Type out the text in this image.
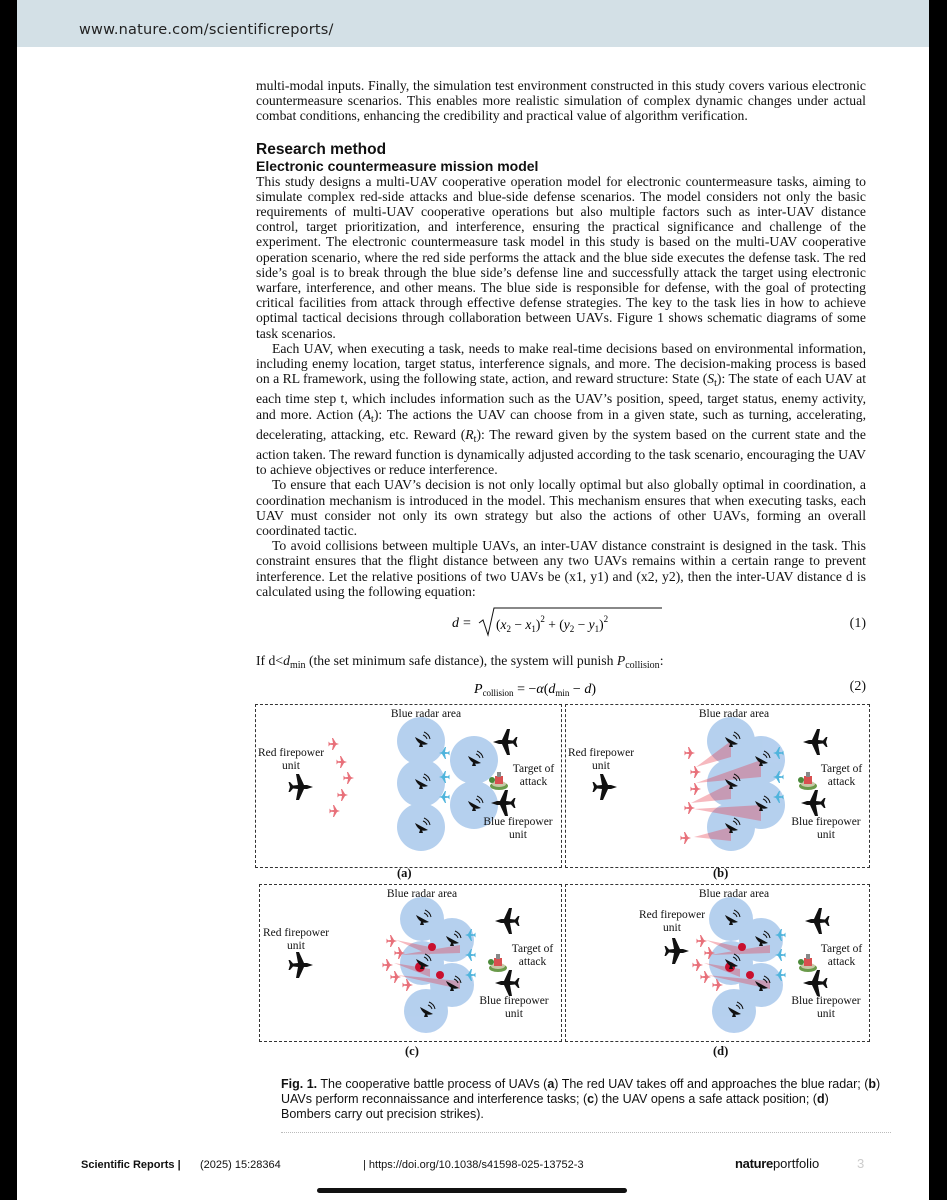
www.nature.com/scientificreports/

multi-modal inputs. Finally, the simulation test environment constructed in this study covers various electronic countermeasure scenarios. This enables more realistic simulation of complex dynamic changes under actual combat conditions, enhancing the credibility and practical value of algorithm verification.

Research method
Electronic countermeasure mission model

This study designs a multi-UAV cooperative operation model for electronic countermeasure tasks, aiming to simulate complex red-side attacks and blue-side defense scenarios. The model considers not only the basic requirements of multi-UAV cooperative operations but also multiple factors such as inter-UAV distance control, target prioritization, and interference, ensuring the practical significance and challenge of the experiment. The electronic countermeasure task model in this study is based on the multi-UAV cooperative operation scenario, where the red side performs the attack and the blue side executes the defense task. The red side’s goal is to break through the blue side’s defense line and successfully attack the target using electronic warfare, interference, and other means. The blue side is responsible for defense, with the goal of protecting critical facilities from attack through effective defense strategies. The key to the task lies in how to achieve optimal tactical decisions through collaboration between UAVs. Figure 1 shows schematic diagrams of some task scenarios.

Each UAV, when executing a task, needs to make real-time decisions based on environmental information, including enemy location, target status, interference signals, and more. The decision-making process is based on a RL framework, using the following state, action, and reward structure: State $(S_t)$: The state of each UAV at each time step t, which includes information such as the UAV’s position, speed, target status, enemy activity, and more. Action $(A_t)$: The actions the UAV can choose from in a given state, such as turning, accelerating, decelerating, attacking, etc. Reward $(R_t)$: The reward given by the system based on the current state and the action taken. The reward function is dynamically adjusted according to the task scenario, encouraging the UAV to achieve objectives or reduce interference.

To ensure that each UAV’s decision is not only locally optimal but also globally optimal in coordination, a coordination mechanism is introduced in the model. This mechanism ensures that when executing tasks, each UAV must consider not only its own strategy but also the actions of other UAVs, forming an overall coordinated tactic.

To avoid collisions between multiple UAVs, an inter-UAV distance constraint is designed in the task. This constraint ensures that the flight distance between any two UAVs remains within a certain range to prevent interference. Let the relative positions of two UAVs be (x1, y1) and (x2, y2), then the inter-UAV distance d is calculated using the following equation:

$d = (x_2 - x_1)^2 + (y_2 - y_1)^2$	(1)

If $d<d_{min}$ (the set minimum safe distance), the system will punish $P_{collision}$:

$P_{collision} = -\alpha(d_{min} - d)$	(2)
Blue radar area
Red firepower
unit	Target of
attack
Blue firepower
unit
(a)
Blue radar area
Red firepower
unit	Target of
attack
Blue firepower
unit
(b)
Blue radar area
Red firepower
unit	Target of
attack
Blue firepower
unit
(c)
Blue radar area
Red firepower
unit
Target of
attack
Blue firepower
unit
(d)
Fig. 1. The cooperative battle process of UAVs (a) The red UAV takes off and approaches the blue radar; (b) UAVs perform reconnaissance and interference tasks; (c) the UAV opens a safe attack position; (d) Bombers carry out precision strikes).
Scientific Reports | (2025) 15:28364	| https://doi.org/10.1038/s41598-025-13752-3	natureportfolio	3
